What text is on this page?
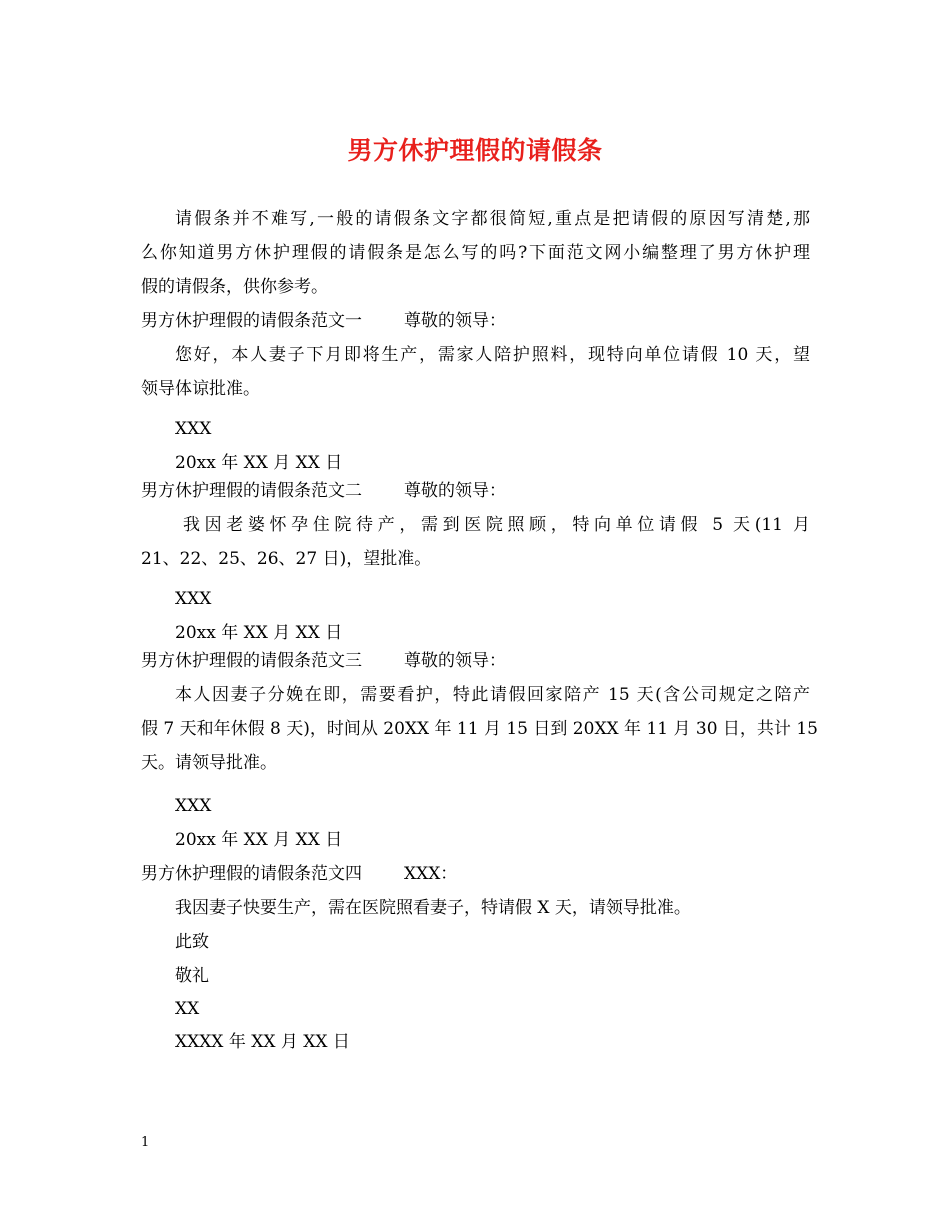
男方休护理假的请假条
请假条并不难写,一般的请假条文字都很简短,重点是把请假的原因写清楚,那
么你知道男方休护理假的请假条是怎么写的吗?下面范文网小编整理了男方休护理
假的请假条，供你参考。
男方休护理假的请假条范文一 尊敬的领导：
您好，本人妻子下月即将生产，需家人陪护照料，现特向单位请假 10 天，望
领导体谅批准。
XXX
20xx 年 XX 月 XX 日
男方休护理假的请假条范文二 尊敬的领导：
我因老婆怀孕住院待产，需到医院照顾，特向单位请假 5 天(11 月
21、22、25、26、27 日)，望批准。
XXX
20xx 年 XX 月 XX 日
男方休护理假的请假条范文三 尊敬的领导：
本人因妻子分娩在即，需要看护，特此请假回家陪产 15 天(含公司规定之陪产
假 7 天和年休假 8 天)，时间从 20XX 年 11 月 15 日到 20XX 年 11 月 30 日，共计 15
天。请领导批准。
XXX
20xx 年 XX 月 XX 日
男方休护理假的请假条范文四 XXX：
我因妻子快要生产，需在医院照看妻子，特请假 X 天，请领导批准。
此致
敬礼
XX
XXXX 年 XX 月 XX 日
1
